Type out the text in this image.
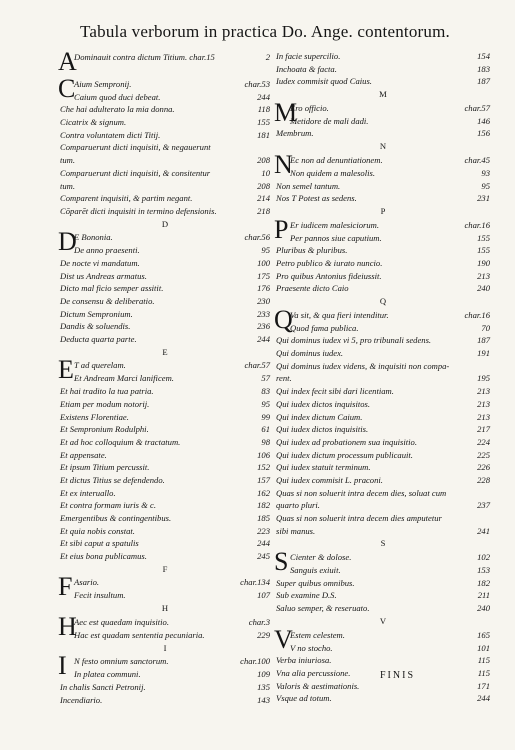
Tabula verborum in practica Do. Ange. contentorum.
A
Dominauit contra dictum Titium. char.15	2
C
Aium Sempronij.	char.53
Caium quod duci debeat.	244
Che hai adulterato la mia donna.	118
Cicatrix & signum.	155
Contra voluntatem dicti Titij.	181
Comparuerunt dicti inquisiti, & negauerunt
tum.	208
Comparuerunt dicti inquisiti, & consitentur	10
tum.	208
Comparent inquisiti, & partim negant.	214
Cōparēt dicti inquisiti in termino defensionis.	218
D
D
E Bononia.	char.56
De anno praesenti.	95
De nocte vi mandatum.	100
Dist us Andreas armatus.	175
Dicto mal ficio semper assitit.	176
De consensu & deliberatio.	230
Dictum Sempronium.	233
Dandis & soluendis.	236
Deducta quarta parte.	244
E
E T ad querelam.	char.57
Et Andream Marci lanificem.	57
Et hai tradito la tua patria.	83
Etiam per modum notorij.	95
Existens Florentiae.	99
Et Sempronium Rodulphi.	61
Et ad hoc colloquium & tractatum.	98
Et appensate.	106
Et ipsum Titium percussit.	152
Et dictus Titius se defendendo.	157
Et ex interuallo.	162
Et contra formam iuris & c.	182
Emergentibus & contingentibus.	185
Et quia nobis constat.	223
Et sibi caput a spatulis	244
Et eius bona publicamus.	245
F
F Asario.	char.134
Fecit insultum.	107
H
H
Aec est quaedam inquisitio.	char.3
Hac est quadam sententia pecuniaria.	229
I
I N festo omnium sanctorum.	char.100
In platea communi.	109
In chalis Sancti Petronij.	135
Incendiario.	143
In facie supercilio.	154
Inchoata & facta.	183
Iudex commisit quod Caius.	187
M
M
Ero officio.	char.57
Metidore de mali dadi.	146
Membrum.	156
N
N
Ec non ad denuntiationem.	char.45
Non quidem a malesolis.	93
Non semel tantum.	95
Nos T Potest as sedens.	231
P
P Er iudicem malesiciorum.	char.16
Per pannos siue caputium.	155
Pluribus & pluribus.	155
Petro publico & iurato nuncio.	190
Pro quibus Antonius fideiussit.	213
Praesente dicto Caio	240
Q
Q
Va sit, & qua fieri intenditur.	char.16
Quod fama publica.	70
Qui dominus iudex vi 5, pro tribunali sedens.	187
Qui dominus iudex.	191
Qui dominus iudex videns, & inquisiti non compa-
rent.	195
Qui index fecit sibi dari licentiam.	213
Qui iudex dictos inquisitos.	213
Qui index dictum Caium.	213
Qui iudex dictos inquisitis.	217
Qui iudex ad probationem sua inquisitio.	224
Qui iudex dictum processum publicauit.	225
Qui iudex statuit terminum.	226
Qui iudex commisit L. praconi.	228
Quas si non soluerit intra decem dies, soluat cum
quarto pluri.	237
Quas si non soluerit intra decem dies amputetur
sibi manus.	241
S
S Cienter & dolose.	102
Sanguis exiuit.	153
Super quibus omnibus.	182
Sub examine D.S.	211
Saluo semper, & reseruato.	240
V
V
Estem celestem.	165
V no stocho.	101
Verba iniuriosa.	115
Vna alia percussione.	115
Valoris & aestimationis.	171
Vsque ad totum.	244
FINIS
